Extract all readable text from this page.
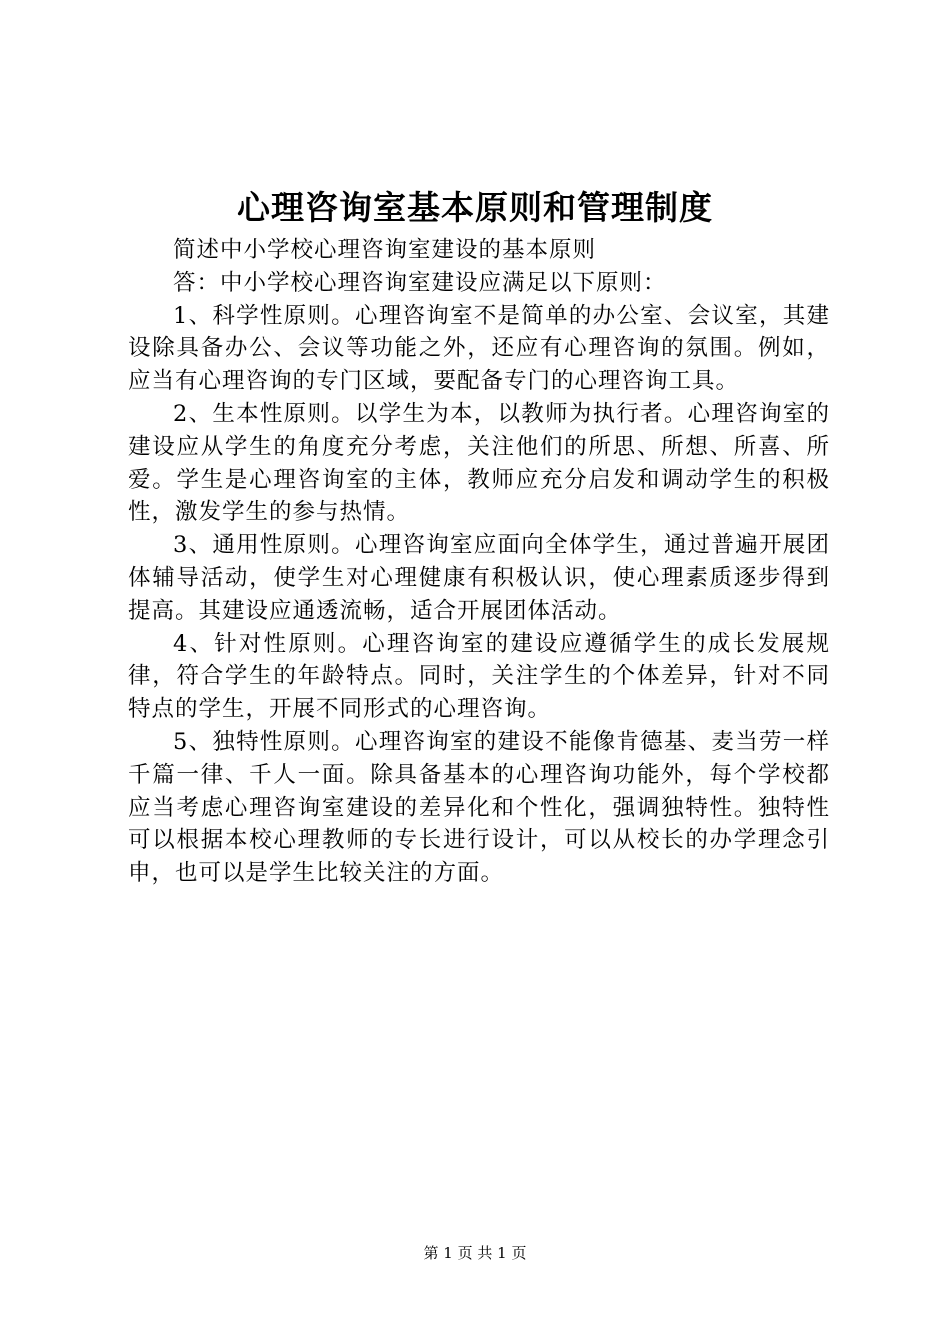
心理咨询室基本原则和管理制度

简述中小学校心理咨询室建设的基本原则

答：中小学校心理咨询室建设应满足以下原则：

1、科学性原则。心理咨询室不是简单的办公室、会议室，其建设除具备办公、会议等功能之外，还应有心理咨询的氛围。例如，应当有心理咨询的专门区域，要配备专门的心理咨询工具。

2、生本性原则。以学生为本，以教师为执行者。心理咨询室的建设应从学生的角度充分考虑，关注他们的所思、所想、所喜、所爱。学生是心理咨询室的主体，教师应充分启发和调动学生的积极性，激发学生的参与热情。

3、通用性原则。心理咨询室应面向全体学生，通过普遍开展团体辅导活动，使学生对心理健康有积极认识，使心理素质逐步得到提高。其建设应通透流畅，适合开展团体活动。

4、针对性原则。心理咨询室的建设应遵循学生的成长发展规律，符合学生的年龄特点。同时，关注学生的个体差异，针对不同特点的学生，开展不同形式的心理咨询。

5、独特性原则。心理咨询室的建设不能像肯德基、麦当劳一样千篇一律、千人一面。除具备基本的心理咨询功能外，每个学校都应当考虑心理咨询室建设的差异化和个性化，强调独特性。独特性可以根据本校心理教师的专长进行设计，可以从校长的办学理念引申，也可以是学生比较关注的方面。

第 1 页 共 1 页
